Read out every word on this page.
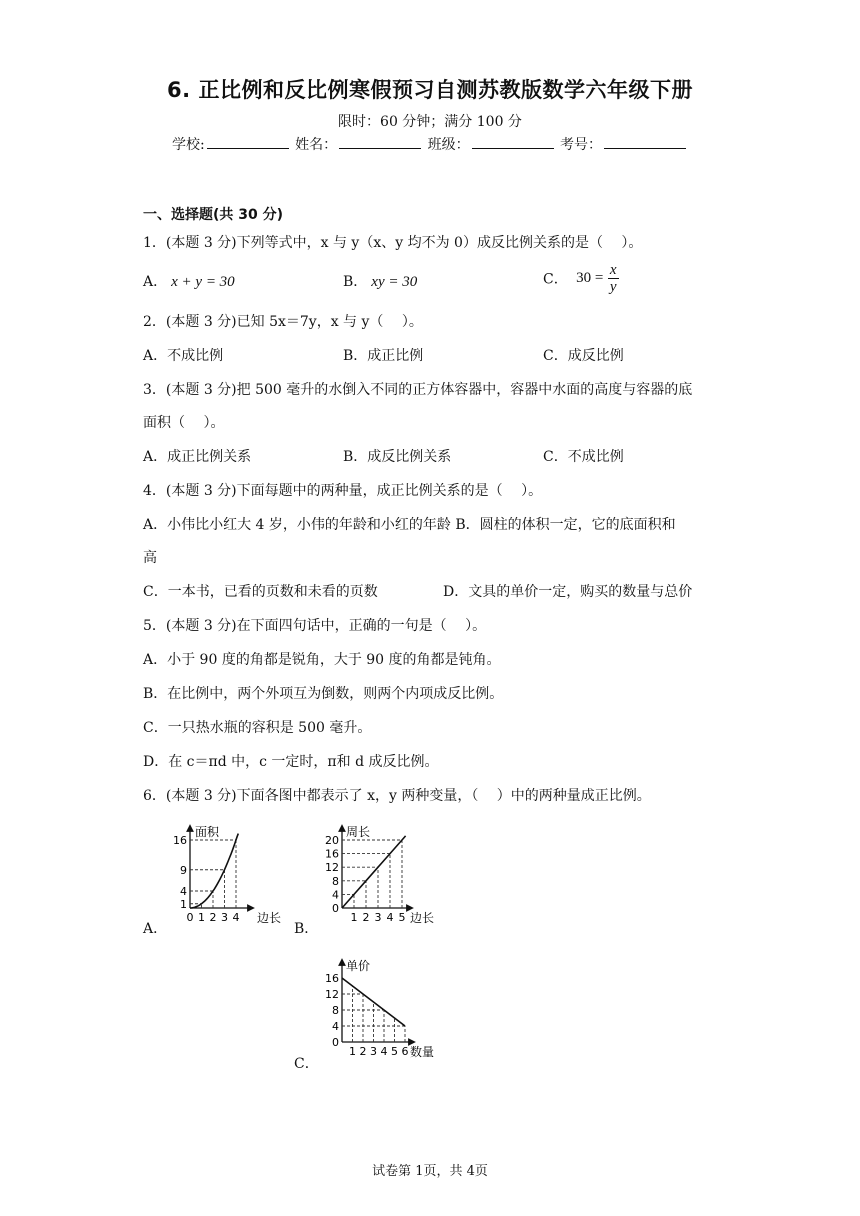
6. 正比例和反比例寒假预习自测苏教版数学六年级下册
限时：60 分钟；满分 100 分
学校:	姓名：	班级：	考号：
一、选择题(共 30 分)
1．(本题 3 分)下列等式中，x 与 y（x、y 均不为 0）成反比例关系的是（　 ）。
A． x + y = 30	B． xy = 30	C． $30 = \frac{x}{y}$
2．(本题 3 分)已知 5x＝7y，x 与 y（　 ）。
A．不成比例	B．成正比例	C．成反比例
3．(本题 3 分)把 500 毫升的水倒入不同的正方体容器中，容器中水面的高度与容器的底
面积（　 ）。
A．成正比例关系	B．成反比例关系	C．不成比例
4．(本题 3 分)下面每题中的两种量，成正比例关系的是（　 ）。
A．小伟比小红大 4 岁，小伟的年龄和小红的年龄 B．圆柱的体积一定，它的底面积和
高
C．一本书，已看的页数和未看的页数	D．文具的单价一定，购买的数量与总价
5．(本题 3 分)在下面四句话中，正确的一句是（　 ）。
A．小于 90 度的角都是锐角，大于 90 度的角都是钝角。
B．在比例中，两个外项互为倒数，则两个内项成反比例。
C．一只热水瓶的容积是 500 毫升。
D．在 c＝πd 中，c 一定时，π和 d 成反比例。
6．(本题 3 分)下面各图中都表示了 x，y 两种变量，（　 ）中的两种量成正比例。
A．	B．
C．
1
4
9
16
0 1 2 3 4
面积
边长
0
4
8
12
16
20
1 2 3 4 5
周长
边长
0
4
8
12
16
1 2 3 4 5 6
单价
数量
试卷第 1页，共 4页
